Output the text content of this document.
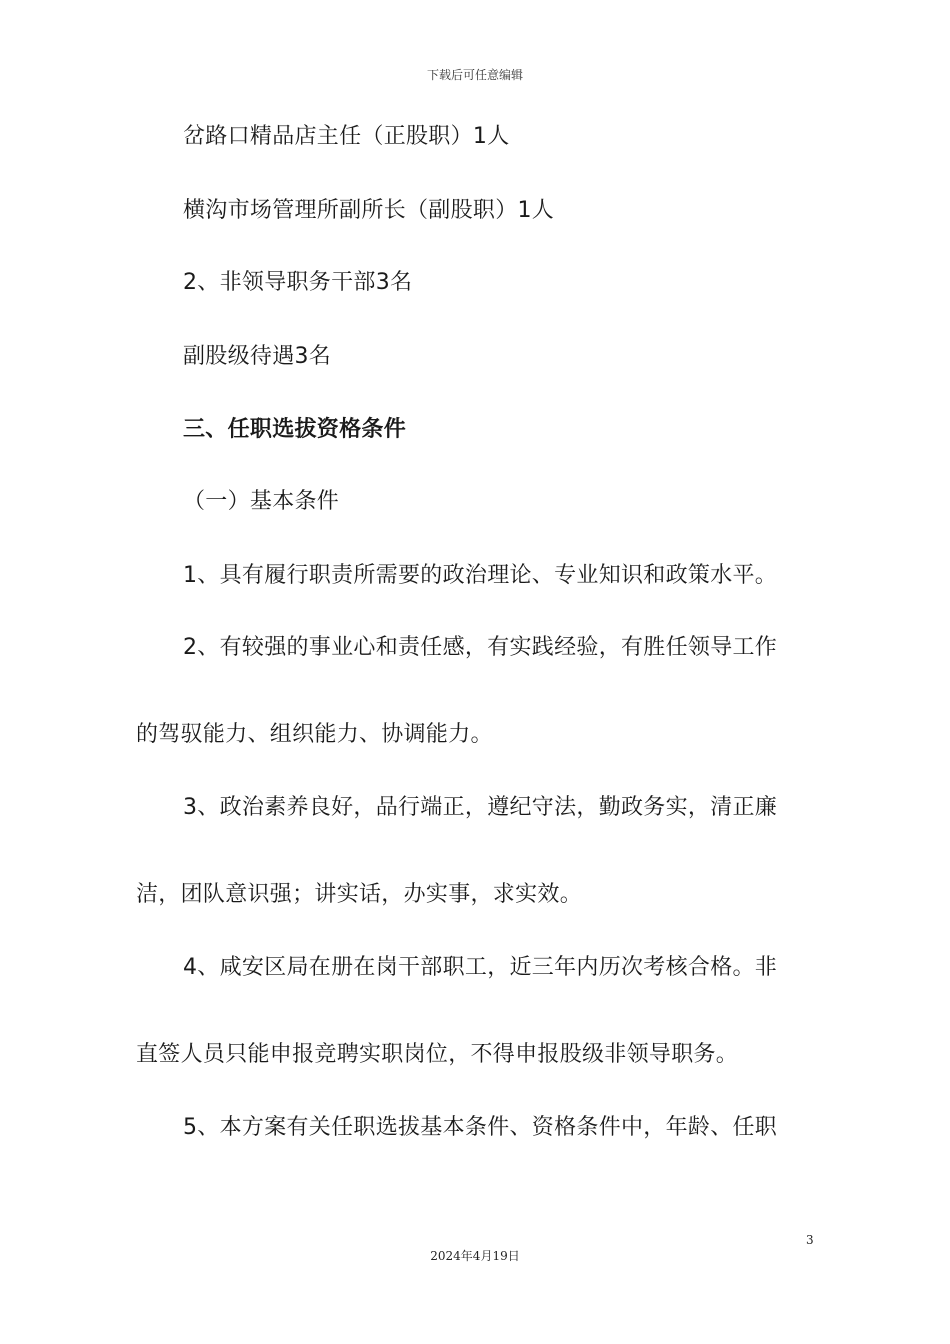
下载后可任意编辑
岔路口精品店主任（正股职）1人
横沟市场管理所副所长（副股职）1人
2、非领导职务干部3名
副股级待遇3名
三、任职选拔资格条件
（一）基本条件
1、具有履行职责所需要的政治理论、专业知识和政策水平。
2、有较强的事业心和责任感，有实践经验，有胜任领导工作
的驾驭能力、组织能力、协调能力。
3、政治素养良好，品行端正，遵纪守法，勤政务实，清正廉
洁，团队意识强；讲实话，办实事，求实效。
4、咸安区局在册在岗干部职工，近三年内历次考核合格。非
直签人员只能申报竞聘实职岗位，不得申报股级非领导职务。
5、本方案有关任职选拔基本条件、资格条件中，年龄、任职
3
2024年4月19日
